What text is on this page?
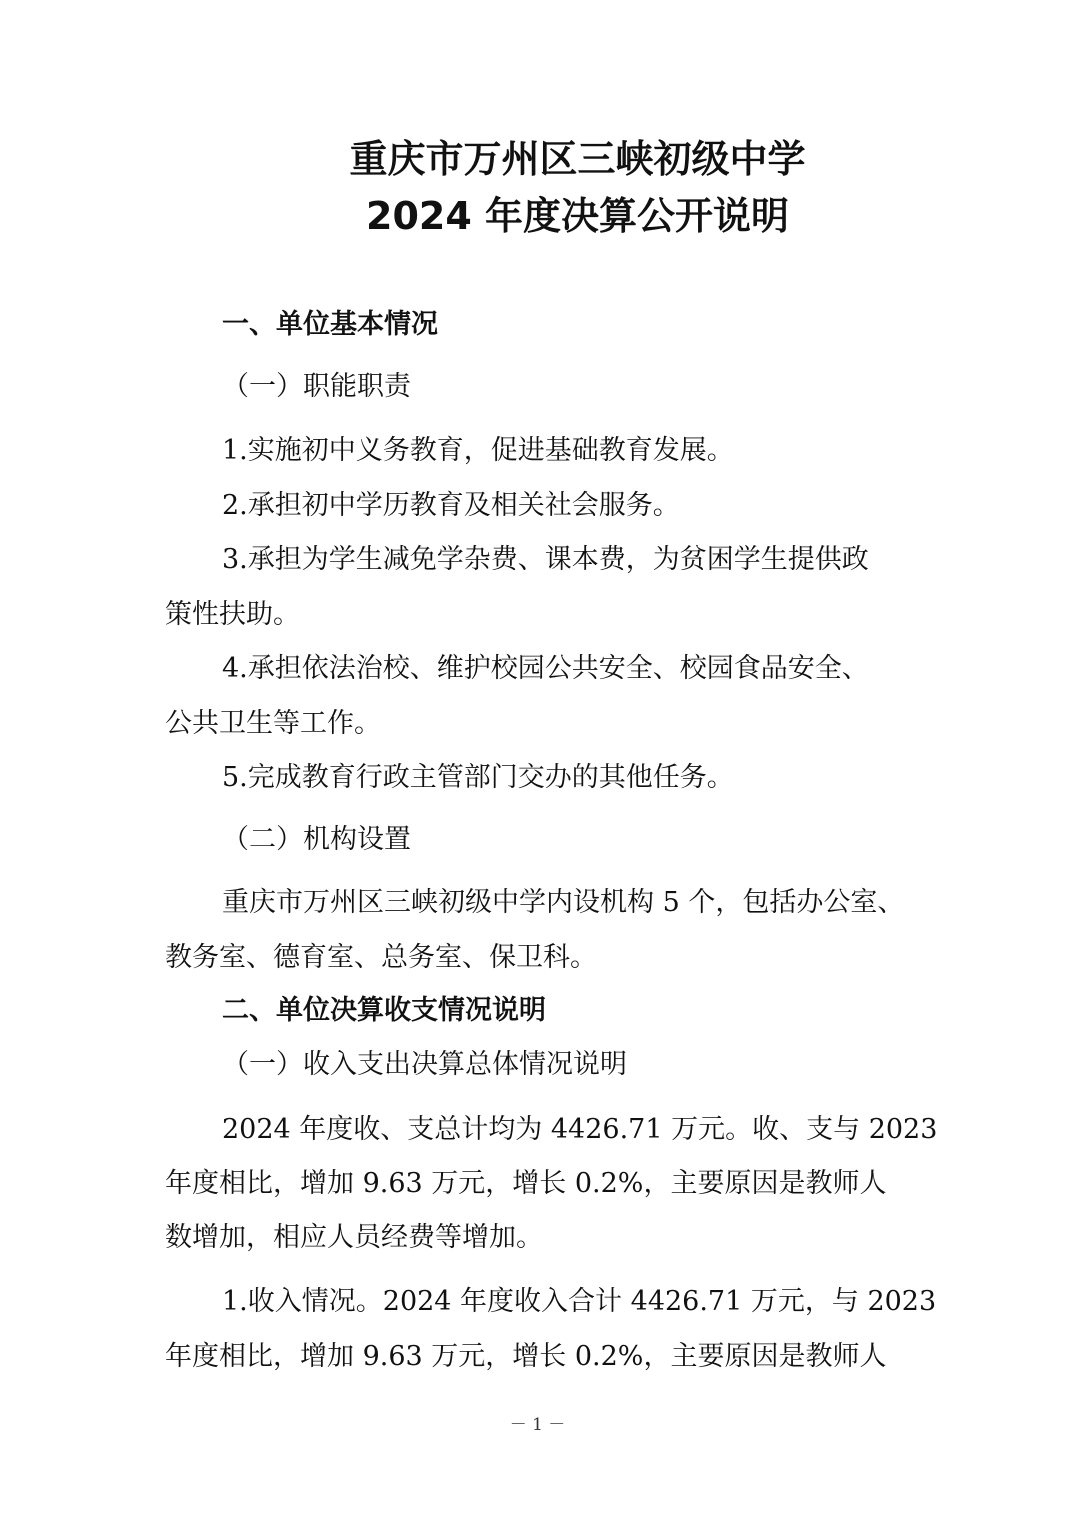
重庆市万州区三峡初级中学
2024 年度决算公开说明

一、单位基本情况

（一）职能职责

1.实施初中义务教育，促进基础教育发展。

2.承担初中学历教育及相关社会服务。

3.承担为学生减免学杂费、课本费，为贫困学生提供政

策性扶助。

4.承担依法治校、维护校园公共安全、校园食品安全、

公共卫生等工作。

5.完成教育行政主管部门交办的其他任务。

（二）机构设置

重庆市万州区三峡初级中学内设机构 5 个，包括办公室、

教务室、德育室、总务室、保卫科。

二、单位决算收支情况说明

（一）收入支出决算总体情况说明

2024 年度收、支总计均为 4426.71 万元。收、支与 2023

年度相比，增加 9.63 万元，增长 0.2%，主要原因是教师人

数增加，相应人员经费等增加。

1.收入情况。2024 年度收入合计 4426.71 万元，与 2023

年度相比，增加 9.63 万元，增长 0.2%，主要原因是教师人

－ 1 －
